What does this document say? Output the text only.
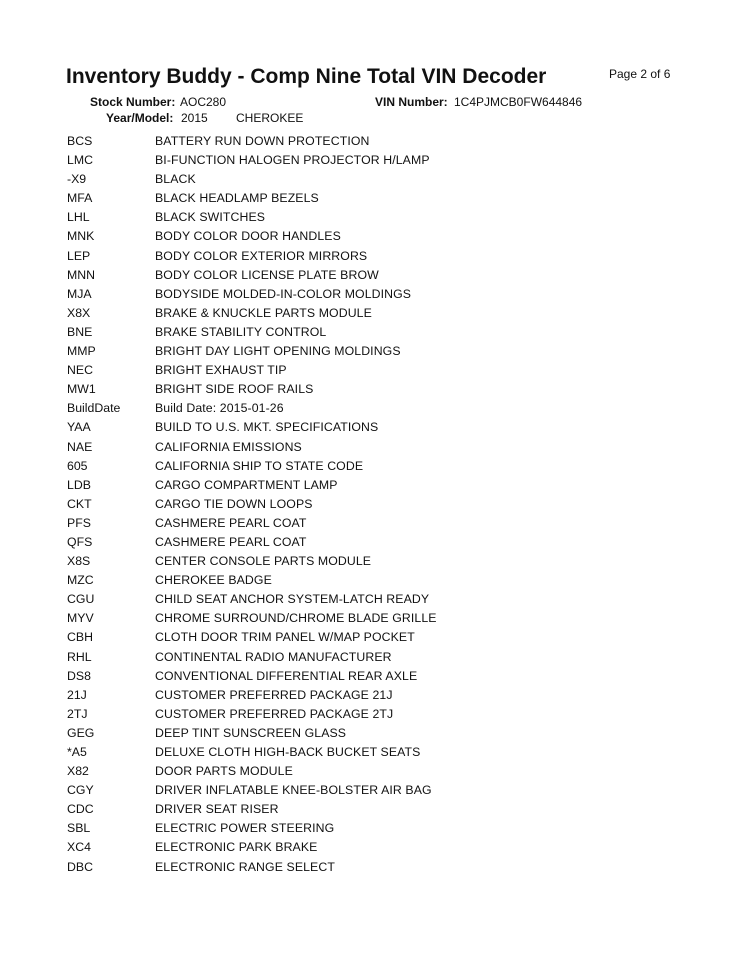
Inventory Buddy - Comp Nine Total VIN Decoder	Page 2 of 6
Stock Number: AOC280	VIN Number: 1C4PJMCB0FW644846
Year/Model: 2015 CHEROKEE
BCS	BATTERY RUN DOWN PROTECTION
LMC	BI-FUNCTION HALOGEN PROJECTOR H/LAMP
-X9	BLACK
MFA	BLACK HEADLAMP BEZELS
LHL	BLACK SWITCHES
MNK	BODY COLOR DOOR HANDLES
LEP	BODY COLOR EXTERIOR MIRRORS
MNN	BODY COLOR LICENSE PLATE BROW
MJA	BODYSIDE MOLDED-IN-COLOR MOLDINGS
X8X	BRAKE & KNUCKLE PARTS MODULE
BNE	BRAKE STABILITY CONTROL
MMP	BRIGHT DAY LIGHT OPENING MOLDINGS
NEC	BRIGHT EXHAUST TIP
MW1	BRIGHT SIDE ROOF RAILS
BuildDate	Build Date: 2015-01-26
YAA	BUILD TO U.S. MKT. SPECIFICATIONS
NAE	CALIFORNIA EMISSIONS
605	CALIFORNIA SHIP TO STATE CODE
LDB	CARGO COMPARTMENT LAMP
CKT	CARGO TIE DOWN LOOPS
PFS	CASHMERE PEARL COAT
QFS	CASHMERE PEARL COAT
X8S	CENTER CONSOLE PARTS MODULE
MZC	CHEROKEE BADGE
CGU	CHILD SEAT ANCHOR SYSTEM-LATCH READY
MYV	CHROME SURROUND/CHROME BLADE GRILLE
CBH	CLOTH DOOR TRIM PANEL W/MAP POCKET
RHL	CONTINENTAL RADIO MANUFACTURER
DS8	CONVENTIONAL DIFFERENTIAL REAR AXLE
21J	CUSTOMER PREFERRED PACKAGE 21J
2TJ	CUSTOMER PREFERRED PACKAGE 2TJ
GEG	DEEP TINT SUNSCREEN GLASS
*A5	DELUXE CLOTH HIGH-BACK BUCKET SEATS
X82	DOOR PARTS MODULE
CGY	DRIVER INFLATABLE KNEE-BOLSTER AIR BAG
CDC	DRIVER SEAT RISER
SBL	ELECTRIC POWER STEERING
XC4	ELECTRONIC PARK BRAKE
DBC	ELECTRONIC RANGE SELECT
